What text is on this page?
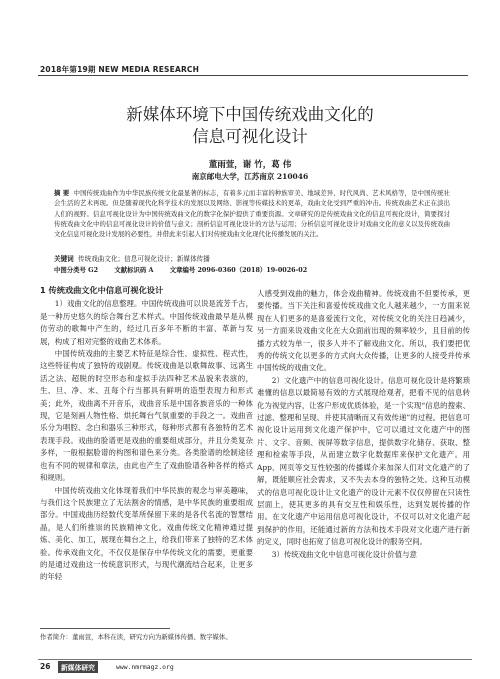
2018年第19期 NEW MEDIA RESEARCH
新媒体环境下中国传统戏曲文化的
信息可视化设计
董雨萱，谢 竹，葛 伟
南京邮电大学，江苏南京 210046
摘 要 中国传统戏曲作为中华民族传统文化最显著的标志，有着多元而丰富的种族审美、地域差异、时代风尚、艺术风格等，是中国传统社会生活的艺术再现。但是随着现代化科学技术的发展以及网络、影视等传媒技术的更革，戏曲文化受到严重的冲击。传统戏曲艺术正在淡出人们的视野。信息可视化设计为中国传统戏曲文化的数字化保护提供了重要资源。文章研究的是传统戏曲文化的信息可视化设计，简要探讨传统戏曲文化中的信息可视化设计的价值与意义；剖析信息可视化设计的方法与运用；分析信息可视化设计对戏曲文化的意义以及传统戏曲文化信息可视化设计发展的必要性，并借此来引起人们对传统戏曲文化现代化传播发展的关注。
关键词 传统戏曲文化；信息可视化设计；新媒体传播
中图分类号 G2	文献标识码 A	文章编号 2096-0360（2018）19-0026-02
1 传统戏曲文化中信息可视化设计

1）戏曲文化的信息整理。中国传统戏曲可以说是流芳千古，是一种历史悠久的综合舞台艺术样式。中国传统戏曲最早是从模仿劳动的歌舞中产生的，经过几百多年不断的丰富、革新与发展，构成了相对完整的戏曲艺术体系。

中国传统戏曲的主要艺术特征是综合性、虚拟性、程式性，这些特征构成了独特的戏剧观。传统戏曲是以歌舞故事、远离生活之法、超脱的时空形态和虚拟手法四种艺术品貌来表演的，生、旦、净、末、丑每个行当都具有鲜明的造型表现力和形式美；此外，戏曲离不开音乐，戏曲音乐是中国各族音乐的一种体现，它是刻画人物性格、烘托舞台气氛重要的手段之一。戏曲音乐分为唱腔、念白和器乐三种形式，每种形式都有各独特的艺术表现手段。戏曲的脸谱更是戏曲的重要组成部分，并且分类复杂多样，一般根据脸谱的构图和谱色来分类。各类脸谱的绘制途径也有不同的规律和章法，由此也产生了戏曲脸谱各种各样的格式和规则。

中国传统戏曲文化体现着我们中华民族的观念与审美趣味，与我们这个民族建立了无法割舍的情感，是中华民族的重要组成部分。中国戏曲历经数代变革所保留下来的是各代名流的智慧结晶，是人们所推崇的民族精神文化。戏曲传统文化精神通过提炼、美化、加工，展现在舞台之上，给我们带来了独特的艺术体验。传承戏曲文化，不仅仅是保存中华传统文化的需要，更重要的是通过戏曲这一传统意识形式，与现代潮流结合起来，让更多的年轻

人感受到戏曲的魅力，体会戏曲精神。传统戏曲不但要传承，更要传播。当下关注和喜爱传统戏曲文化人越来越少，一方面来说现在人们更多的是喜爱流行文化，对传统文化的关注日趋减少，另一方面来说戏曲文化在大众面前出现的频率较少，且目前的传播方式较为单一，很多人并不了解戏曲文化。所以，我们要把优秀的传统文化以更多的方式向大众传播，让更多的人接受并传承中国传统的戏曲文化。

2）文化遗产中的信息可视化设计。信息可视化设计是将繁琐难懂的信息以最简易有效的方式展现给观者，把看不见的信息转化为视觉内容，让客户形成优质体验，是一个实现“信息的搜索、过滤、整理和呈现、并使其清晰而又有效传递”的过程。把信息可视化设计运用到文化遗产保护中，它可以通过文化遗产中的图片、文字、音频、视屏等数字信息，提供数字化储存、获取、整理和检索等手段，从而建立数字化数据库来保护文化遗产。用App、网页等交互性较强的传播媒介来加深人们对文化遗产的了解，既能顺应社会需求，又不失去本身的独特之处。这种互动模式的信息可视化设计让文化遗产的设计元素不仅仅停留在只读性层面上，使其更多的具有交互性和娱乐性，达到发展传播的作用。在文化遗产中运用信息可视化设计，不仅可以对文化遗产起到保护的作用，还能通过新的方法和技术手段对文化遗产进行新的定义，同时也拓宽了信息可视化设计的服务空间。

3）传统戏曲文化中信息可视化设计价值与意

作者简介：董雨萱，本科在读，研究方向为新媒体传播、数字媒体。
26	新媒体研究	www.nmrmagz.org
